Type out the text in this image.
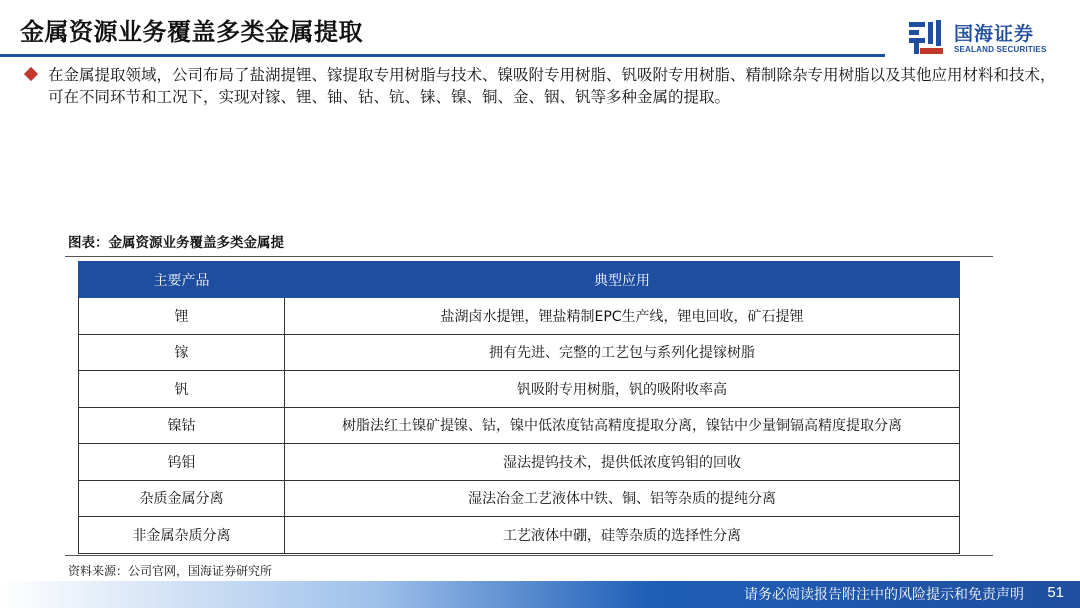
金属资源业务覆盖多类金属提取	国海证券
SEALAND SECURITIES
在金属提取领域，公司布局了盐湖提锂、镓提取专用树脂与技术、镍吸附专用树脂、钒吸附专用树脂、精制除杂专用树脂以及其他应用材料和技术，可在不同环节和工况下，实现对镓、锂、铀、钴、钪、铼、镍、铜、金、铟、钒等多种金属的提取。
图表：金属资源业务覆盖多类金属提
主要产品	典型应用
锂	盐湖卤水提锂，锂盐精制EPC生产线，锂电回收，矿石提锂
镓	拥有先进、完整的工艺包与系列化提镓树脂
钒	钒吸附专用树脂，钒的吸附收率高
镍钴	树脂法红土镍矿提镍、钴，镍中低浓度钴高精度提取分离，镍钴中少量铜镉高精度提取分离
钨钼	湿法提钨技术，提供低浓度钨钼的回收
杂质金属分离	湿法冶金工艺液体中铁、铜、铝等杂质的提纯分离
非金属杂质分离	工艺液体中硼，硅等杂质的选择性分离
资料来源：公司官网，国海证券研究所
请务必阅读报告附注中的风险提示和免责声明 51
